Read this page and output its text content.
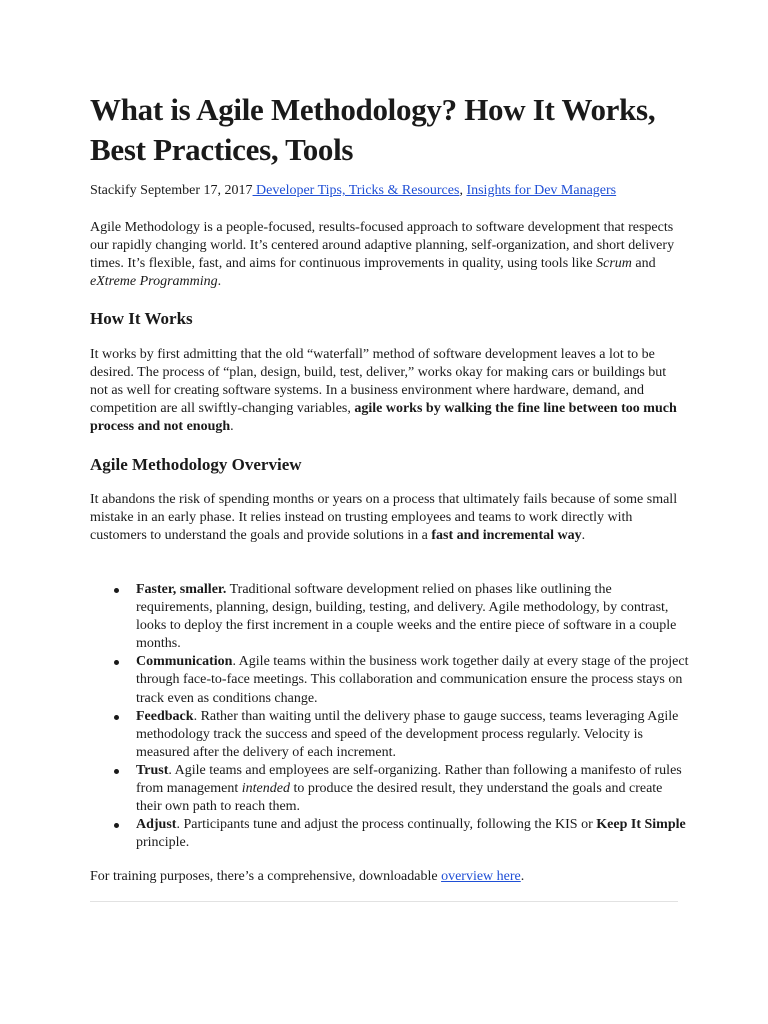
What is Agile Methodology? How It Works, Best Practices, Tools
Stackify September 17, 2017 Developer Tips, Tricks & Resources, Insights for Dev Managers

Agile Methodology is a people-focused, results-focused approach to software development that respects our rapidly changing world. It’s centered around adaptive planning, self-organization, and short delivery times. It’s flexible, fast, and aims for continuous improvements in quality, using tools like Scrum and eXtreme Programming.

How It Works

It works by first admitting that the old “waterfall” method of software development leaves a lot to be desired. The process of “plan, design, build, test, deliver,” works okay for making cars or buildings but not as well for creating software systems. In a business environment where hardware, demand, and competition are all swiftly-changing variables, agile works by walking the fine line between too much process and not enough.

Agile Methodology Overview

It abandons the risk of spending months or years on a process that ultimately fails because of some small mistake in an early phase. It relies instead on trusting employees and teams to work directly with customers to understand the goals and provide solutions in a fast and incremental way.

Faster, smaller. Traditional software development relied on phases like outlining the requirements, planning, design, building, testing, and delivery. Agile methodology, by contrast, looks to deploy the first increment in a couple weeks and the entire piece of software in a couple months.
Communication. Agile teams within the business work together daily at every stage of the project through face-to-face meetings. This collaboration and communication ensure the process stays on track even as conditions change.
Feedback. Rather than waiting until the delivery phase to gauge success, teams leveraging Agile methodology track the success and speed of the development process regularly. Velocity is measured after the delivery of each increment.
Trust. Agile teams and employees are self-organizing. Rather than following a manifesto of rules from management intended to produce the desired result, they understand the goals and create their own path to reach them.
Adjust. Participants tune and adjust the process continually, following the KIS or Keep It Simple principle.

For training purposes, there’s a comprehensive, downloadable overview here.
